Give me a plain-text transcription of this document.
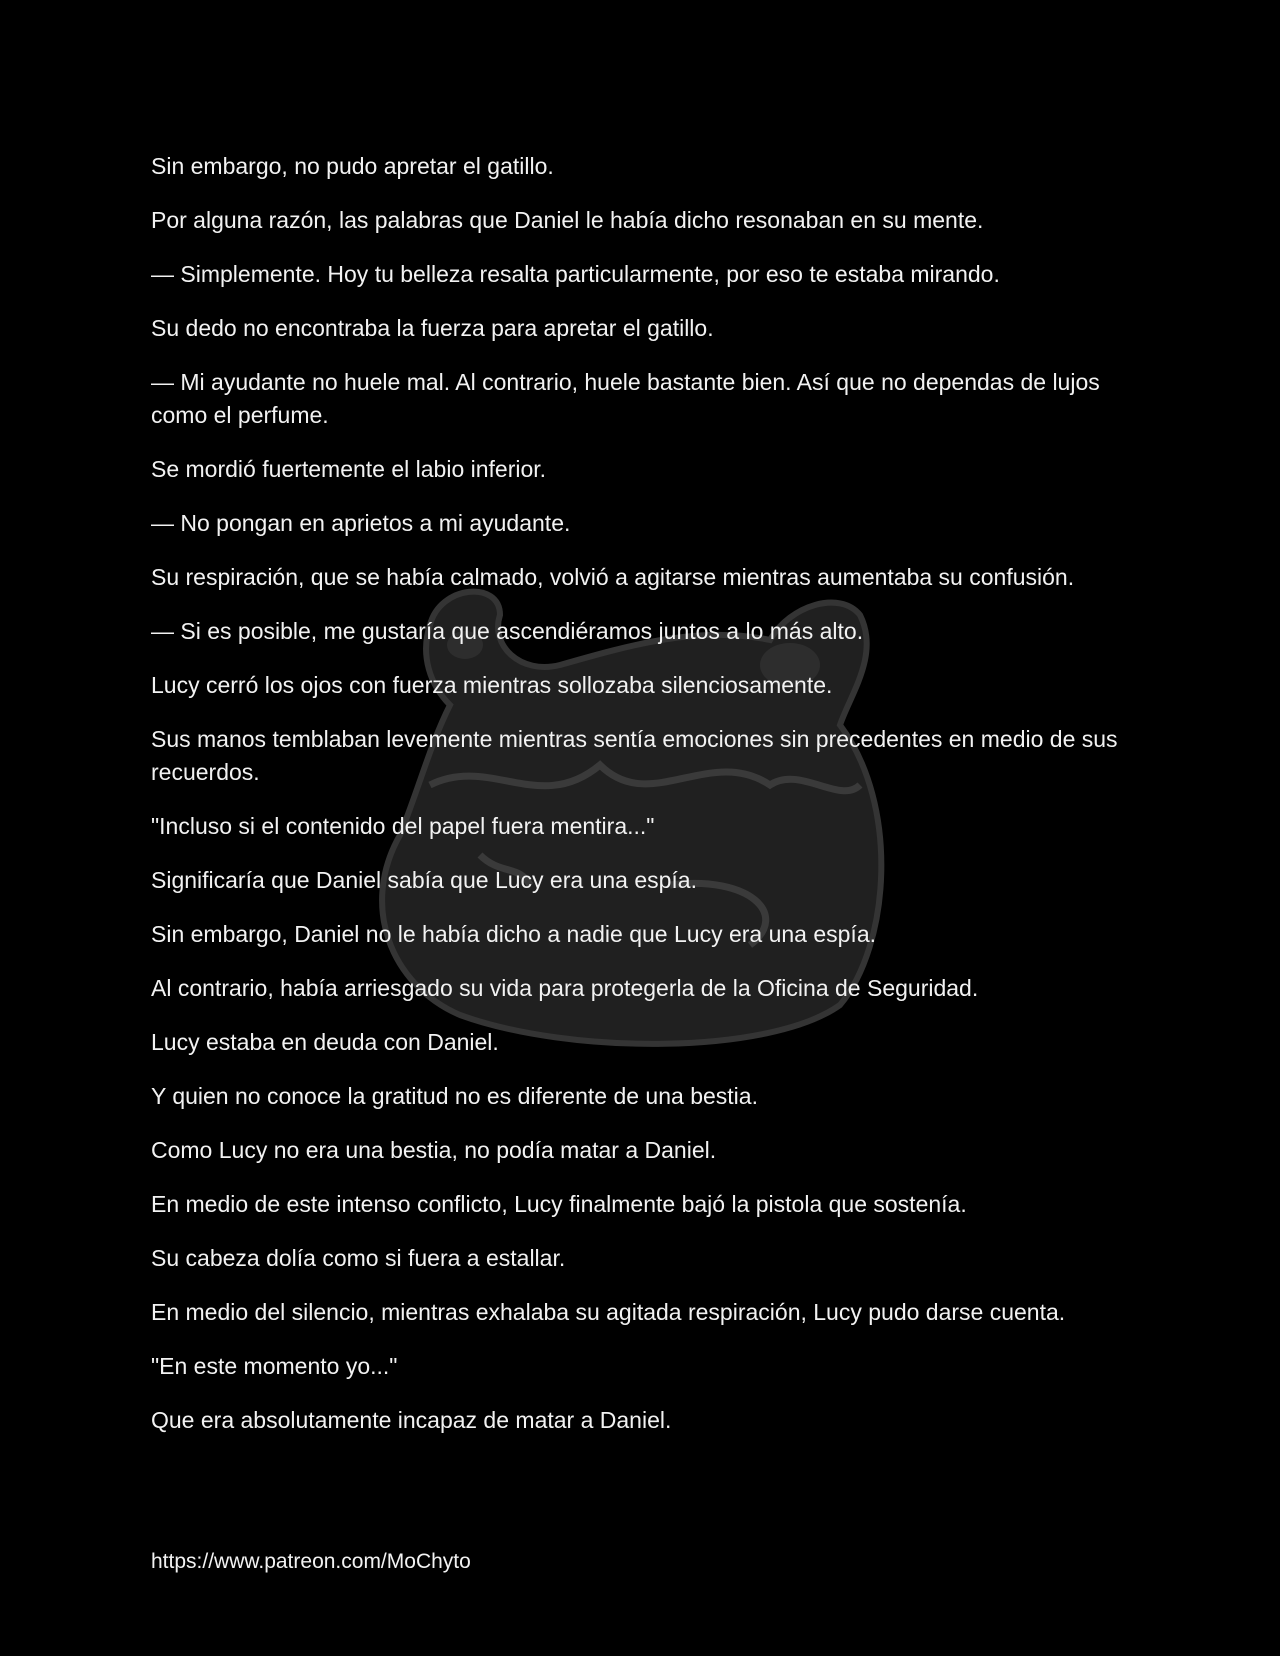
Sin embargo, no pudo apretar el gatillo.

Por alguna razón, las palabras que Daniel le había dicho resonaban en su mente.

— Simplemente. Hoy tu belleza resalta particularmente, por eso te estaba mirando.

Su dedo no encontraba la fuerza para apretar el gatillo.

— Mi ayudante no huele mal. Al contrario, huele bastante bien. Así que no dependas de lujos como el perfume.

Se mordió fuertemente el labio inferior.

— No pongan en aprietos a mi ayudante.

Su respiración, que se había calmado, volvió a agitarse mientras aumentaba su confusión.

— Si es posible, me gustaría que ascendiéramos juntos a lo más alto.

Lucy cerró los ojos con fuerza mientras sollozaba silenciosamente.

Sus manos temblaban levemente mientras sentía emociones sin precedentes en medio de sus recuerdos.

"Incluso si el contenido del papel fuera mentira..."

Significaría que Daniel sabía que Lucy era una espía.

Sin embargo, Daniel no le había dicho a nadie que Lucy era una espía.

Al contrario, había arriesgado su vida para protegerla de la Oficina de Seguridad.

Lucy estaba en deuda con Daniel.

Y quien no conoce la gratitud no es diferente de una bestia.

Como Lucy no era una bestia, no podía matar a Daniel.

En medio de este intenso conflicto, Lucy finalmente bajó la pistola que sostenía.

Su cabeza dolía como si fuera a estallar.

En medio del silencio, mientras exhalaba su agitada respiración, Lucy pudo darse cuenta.

"En este momento yo..."

Que era absolutamente incapaz de matar a Daniel.

https://www.patreon.com/MoChyto
